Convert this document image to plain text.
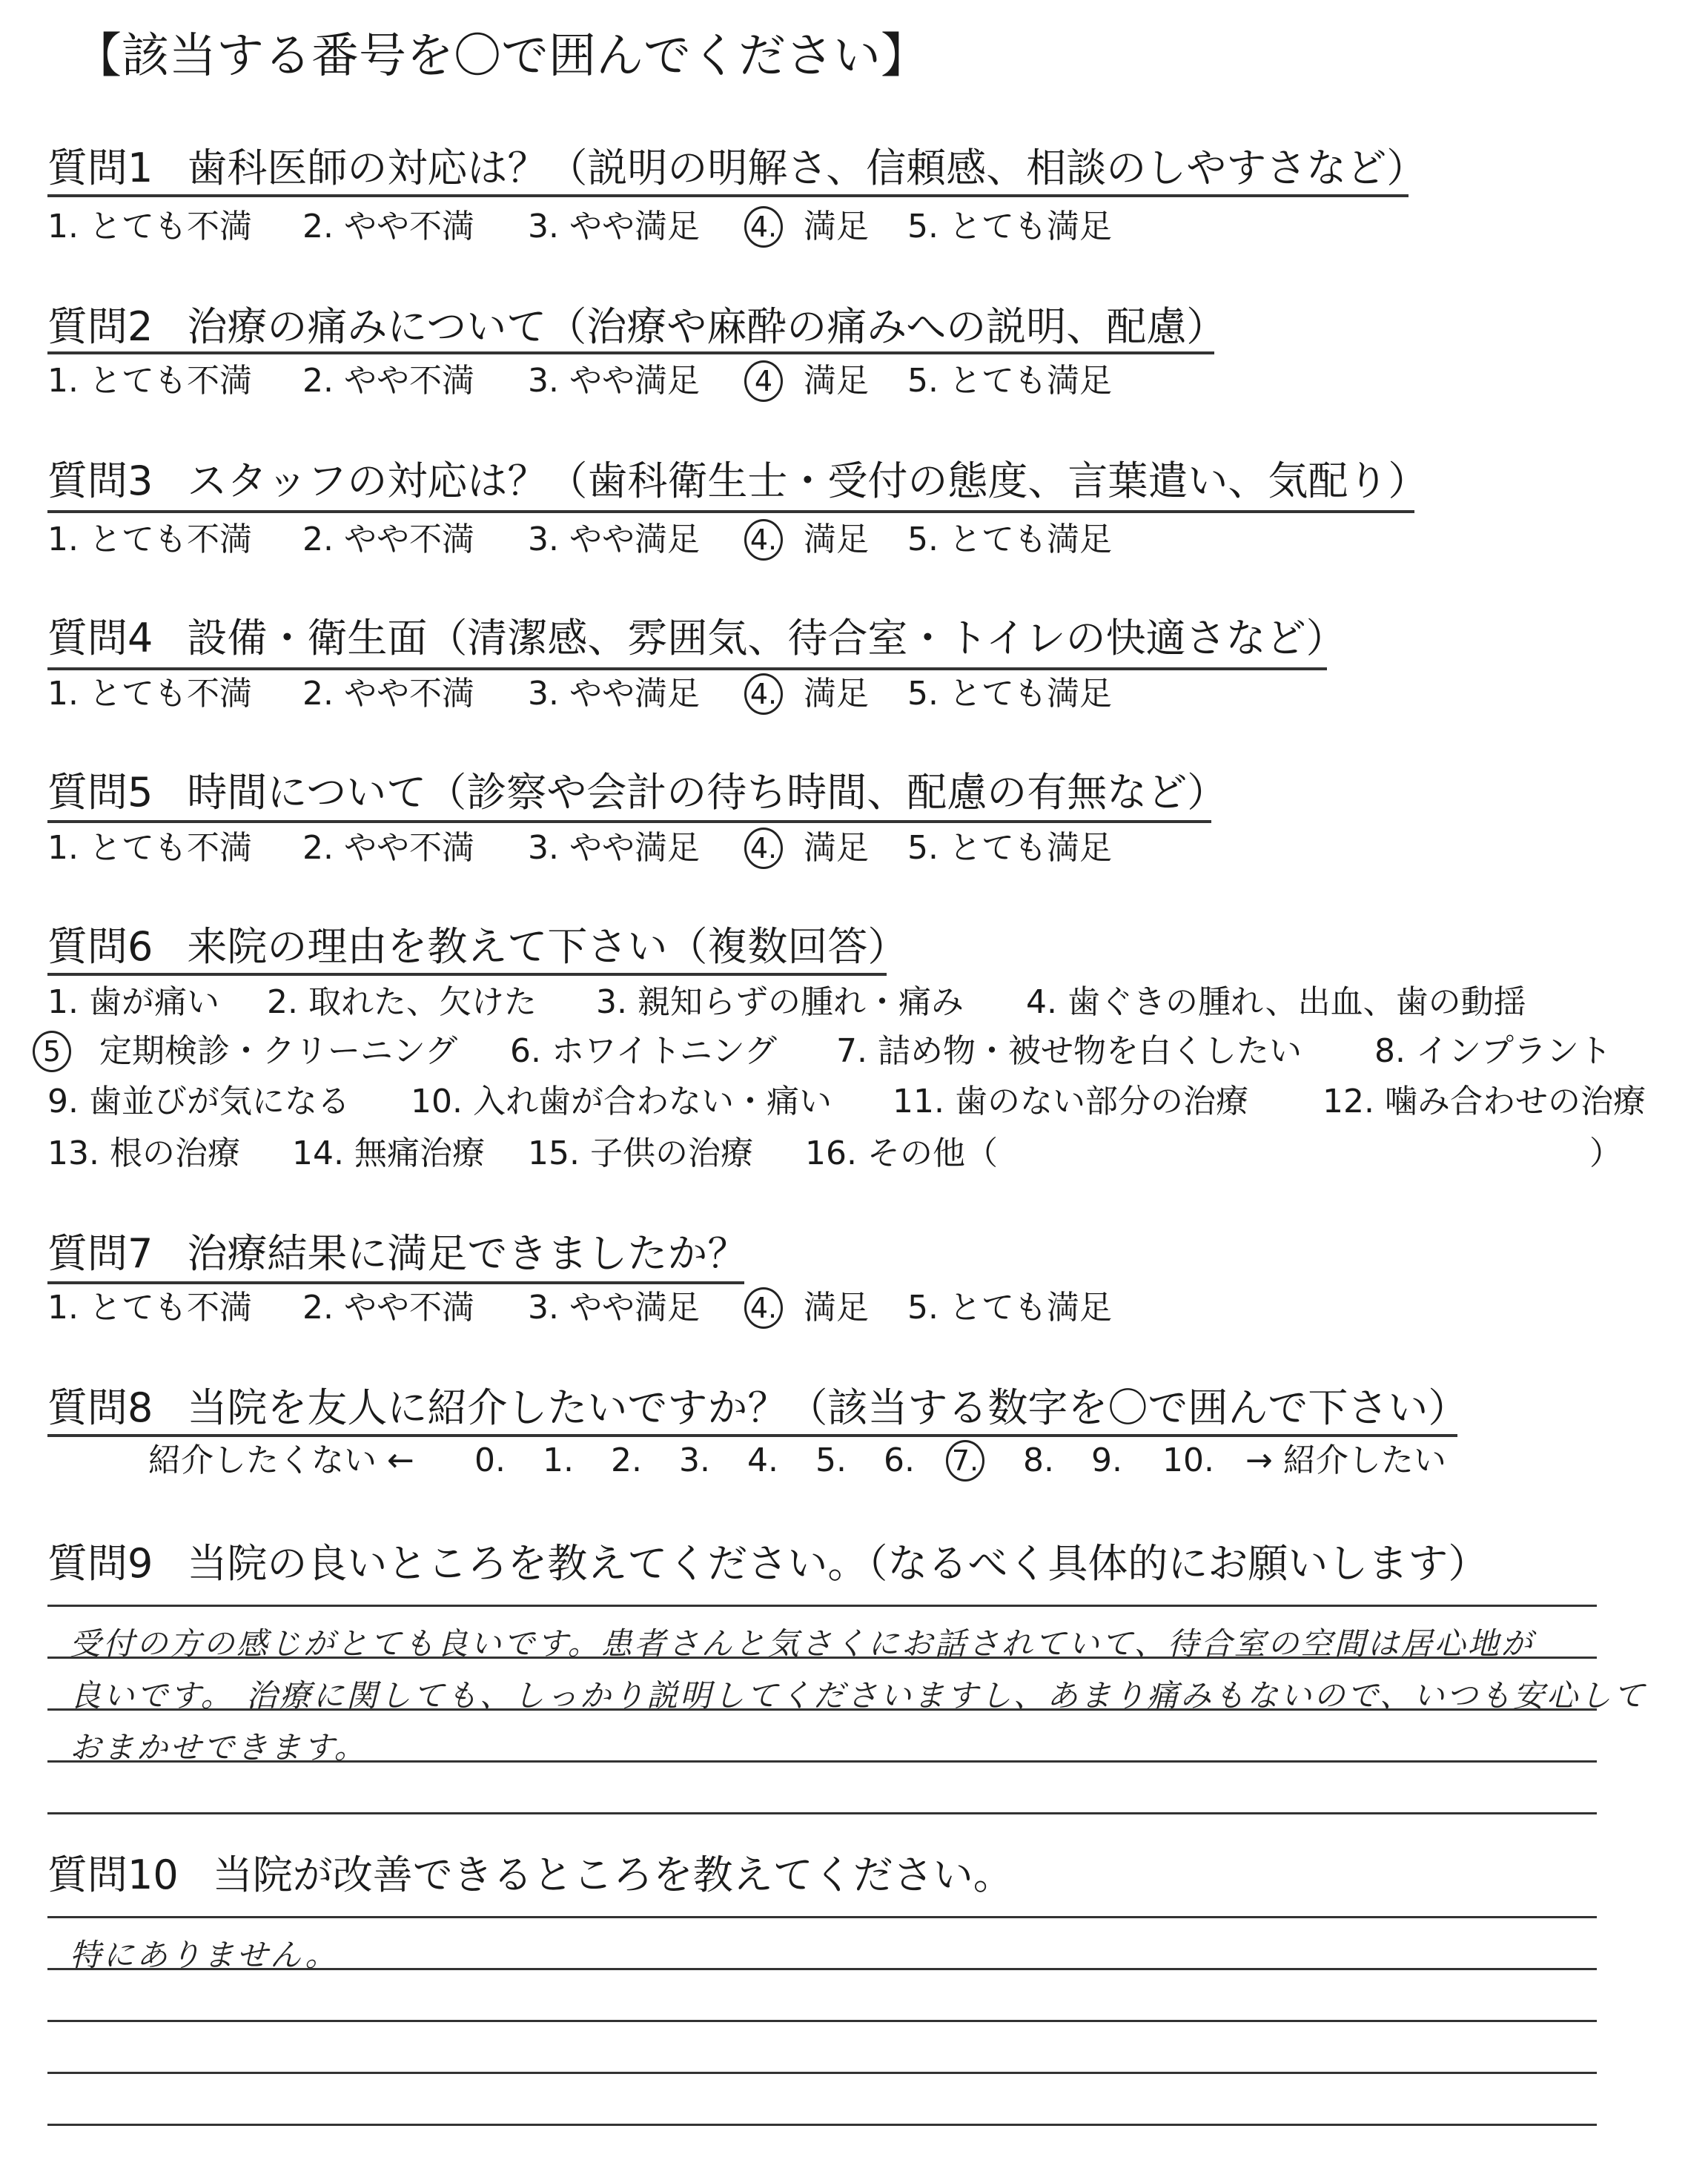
【該当する番号を〇で囲んでください】
質問1 歯科医師の対応は？（説明の明解さ、信頼感、相談のしやすさなど）
1. とても不満 2. やや不満 3. やや満足 4. 満足 5. とても満足
質問2 治療の痛みについて（治療や麻酔の痛みへの説明、配慮）
1. とても不満 2. やや不満 3. やや満足	4 満足 5. とても満足
質問3 スタッフの対応は？（歯科衛生士・受付の態度、言葉遣い、気配り）
1. とても不満 2. やや不満 3. やや満足 4. 満足 5. とても満足
質問4 設備・衛生面（清潔感、雰囲気、待合室・トイレの快適さなど）
1. とても不満 2. やや不満 3. やや満足 4. 満足 5. とても満足
質問5 時間について（診察や会計の待ち時間、配慮の有無など）
1. とても不満 2. やや不満 3. やや満足 4. 満足 5. とても満足
質問6 来院の理由を教えて下さい（複数回答）
1. 歯が痛い 2. 取れた、欠けた 3. 親知らずの腫れ・痛み 4. 歯ぐきの腫れ、出血、歯の動揺
5	定期検診・クリーニング 6. ホワイトニング 7. 詰め物・被せ物を白くしたい 8. インプラント
9. 歯並びが気になる 10. 入れ歯が合わない・痛い 11. 歯のない部分の治療 12. 噛み合わせの治療
13. 根の治療 14. 無痛治療 15. 子供の治療 16. その他（	）
質問7 治療結果に満足できましたか？
1. とても不満 2. やや不満 3. やや満足 4. 満足 5. とても満足
質問8 当院を友人に紹介したいですか？（該当する数字を〇で囲んで下さい）
紹介したくない ← 0. 1. 2. 3. 4. 5. 6. 7. 8. 9. 10. → 紹介したい
質問9 当院の良いところを教えてください。（なるべく具体的にお願いします）
受付の方の感じがとても良いです。患者さんと気さくにお話されていて、待合室の空間は居心地が
良いです。 治療に関しても、しっかり説明してくださいますし、あまり痛みもないので、いつも安心して
おまかせできます。
質問10 当院が改善できるところを教えてください。
特にありません。
